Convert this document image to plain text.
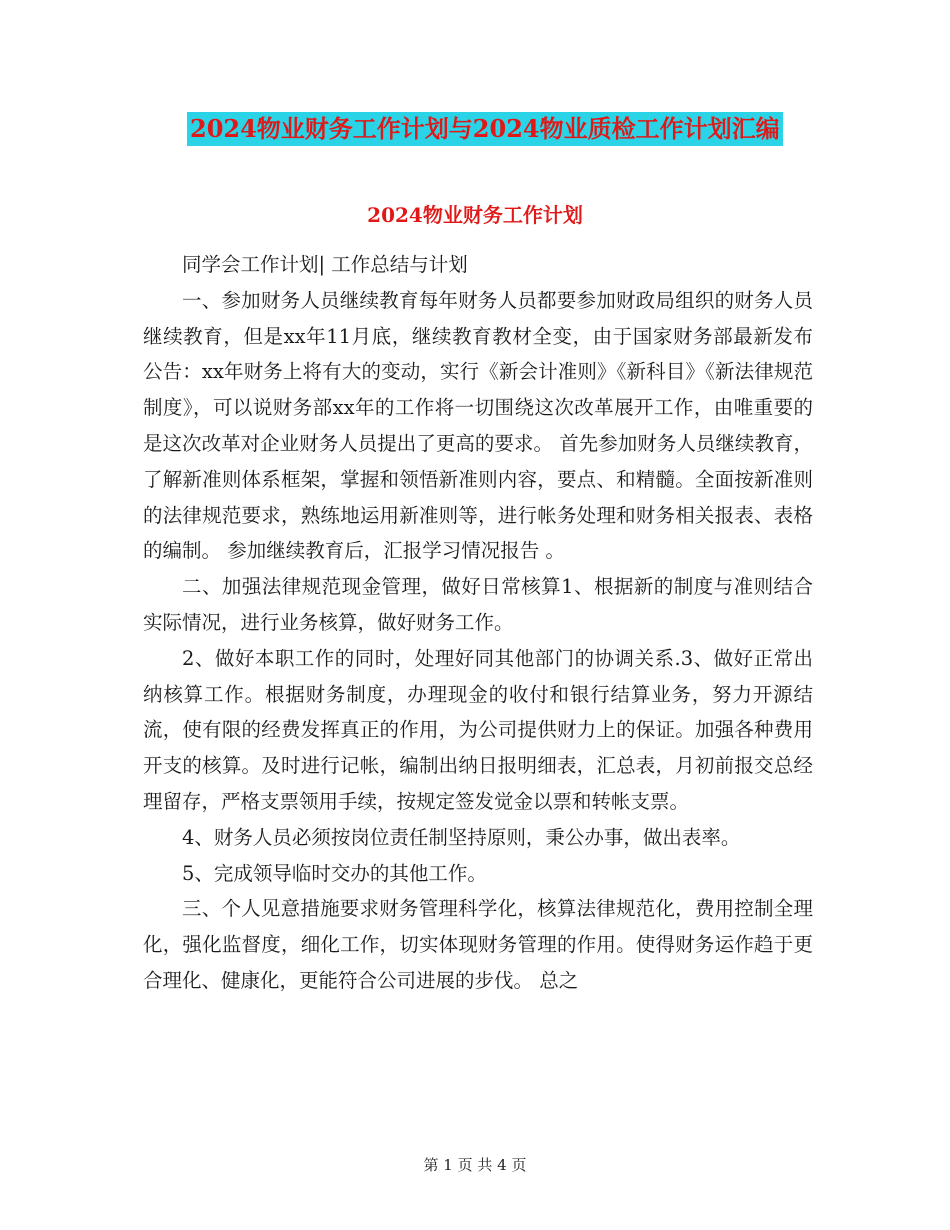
2024物业财务工作计划与2024物业质检工作计划汇编
2024物业财务工作计划

同学会工作计划| 工作总结与计划

一、参加财务人员继续教育每年财务人员都要参加财政局组织的财务人员继续教育，但是xx年11月底，继续教育教材全变，由于国家财务部最新发布公告：xx年财务上将有大的变动，实行《新会计准则》《新科目》《新法律规范制度》，可以说财务部xx年的工作将一切围绕这次改革展开工作，由唯重要的是这次改革对企业财务人员提出了更高的要求。 首先参加财务人员继续教育，了解新准则体系框架，掌握和领悟新准则内容，要点、和精髓。全面按新准则的法律规范要求，熟练地运用新准则等，进行帐务处理和财务相关报表、表格的编制。 参加继续教育后，汇报学习情况报告 。

二、加强法律规范现金管理，做好日常核算1、根据新的制度与准则结合实际情况，进行业务核算，做好财务工作。

2、做好本职工作的同时，处理好同其他部门的协调关系.3、做好正常出纳核算工作。根据财务制度，办理现金的收付和银行结算业务，努力开源结流，使有限的经费发挥真正的作用，为公司提供财力上的保证。加强各种费用开支的核算。及时进行记帐，编制出纳日报明细表，汇总表，月初前报交总经理留存，严格支票领用手续，按规定签发觉金以票和转帐支票。

4、财务人员必须按岗位责任制坚持原则，秉公办事，做出表率。

5、完成领导临时交办的其他工作。

三、个人见意措施要求财务管理科学化，核算法律规范化，费用控制全理化，强化监督度，细化工作，切实体现财务管理的作用。使得财务运作趋于更合理化、健康化，更能符合公司进展的步伐。 总之

第 1 页 共 4 页
